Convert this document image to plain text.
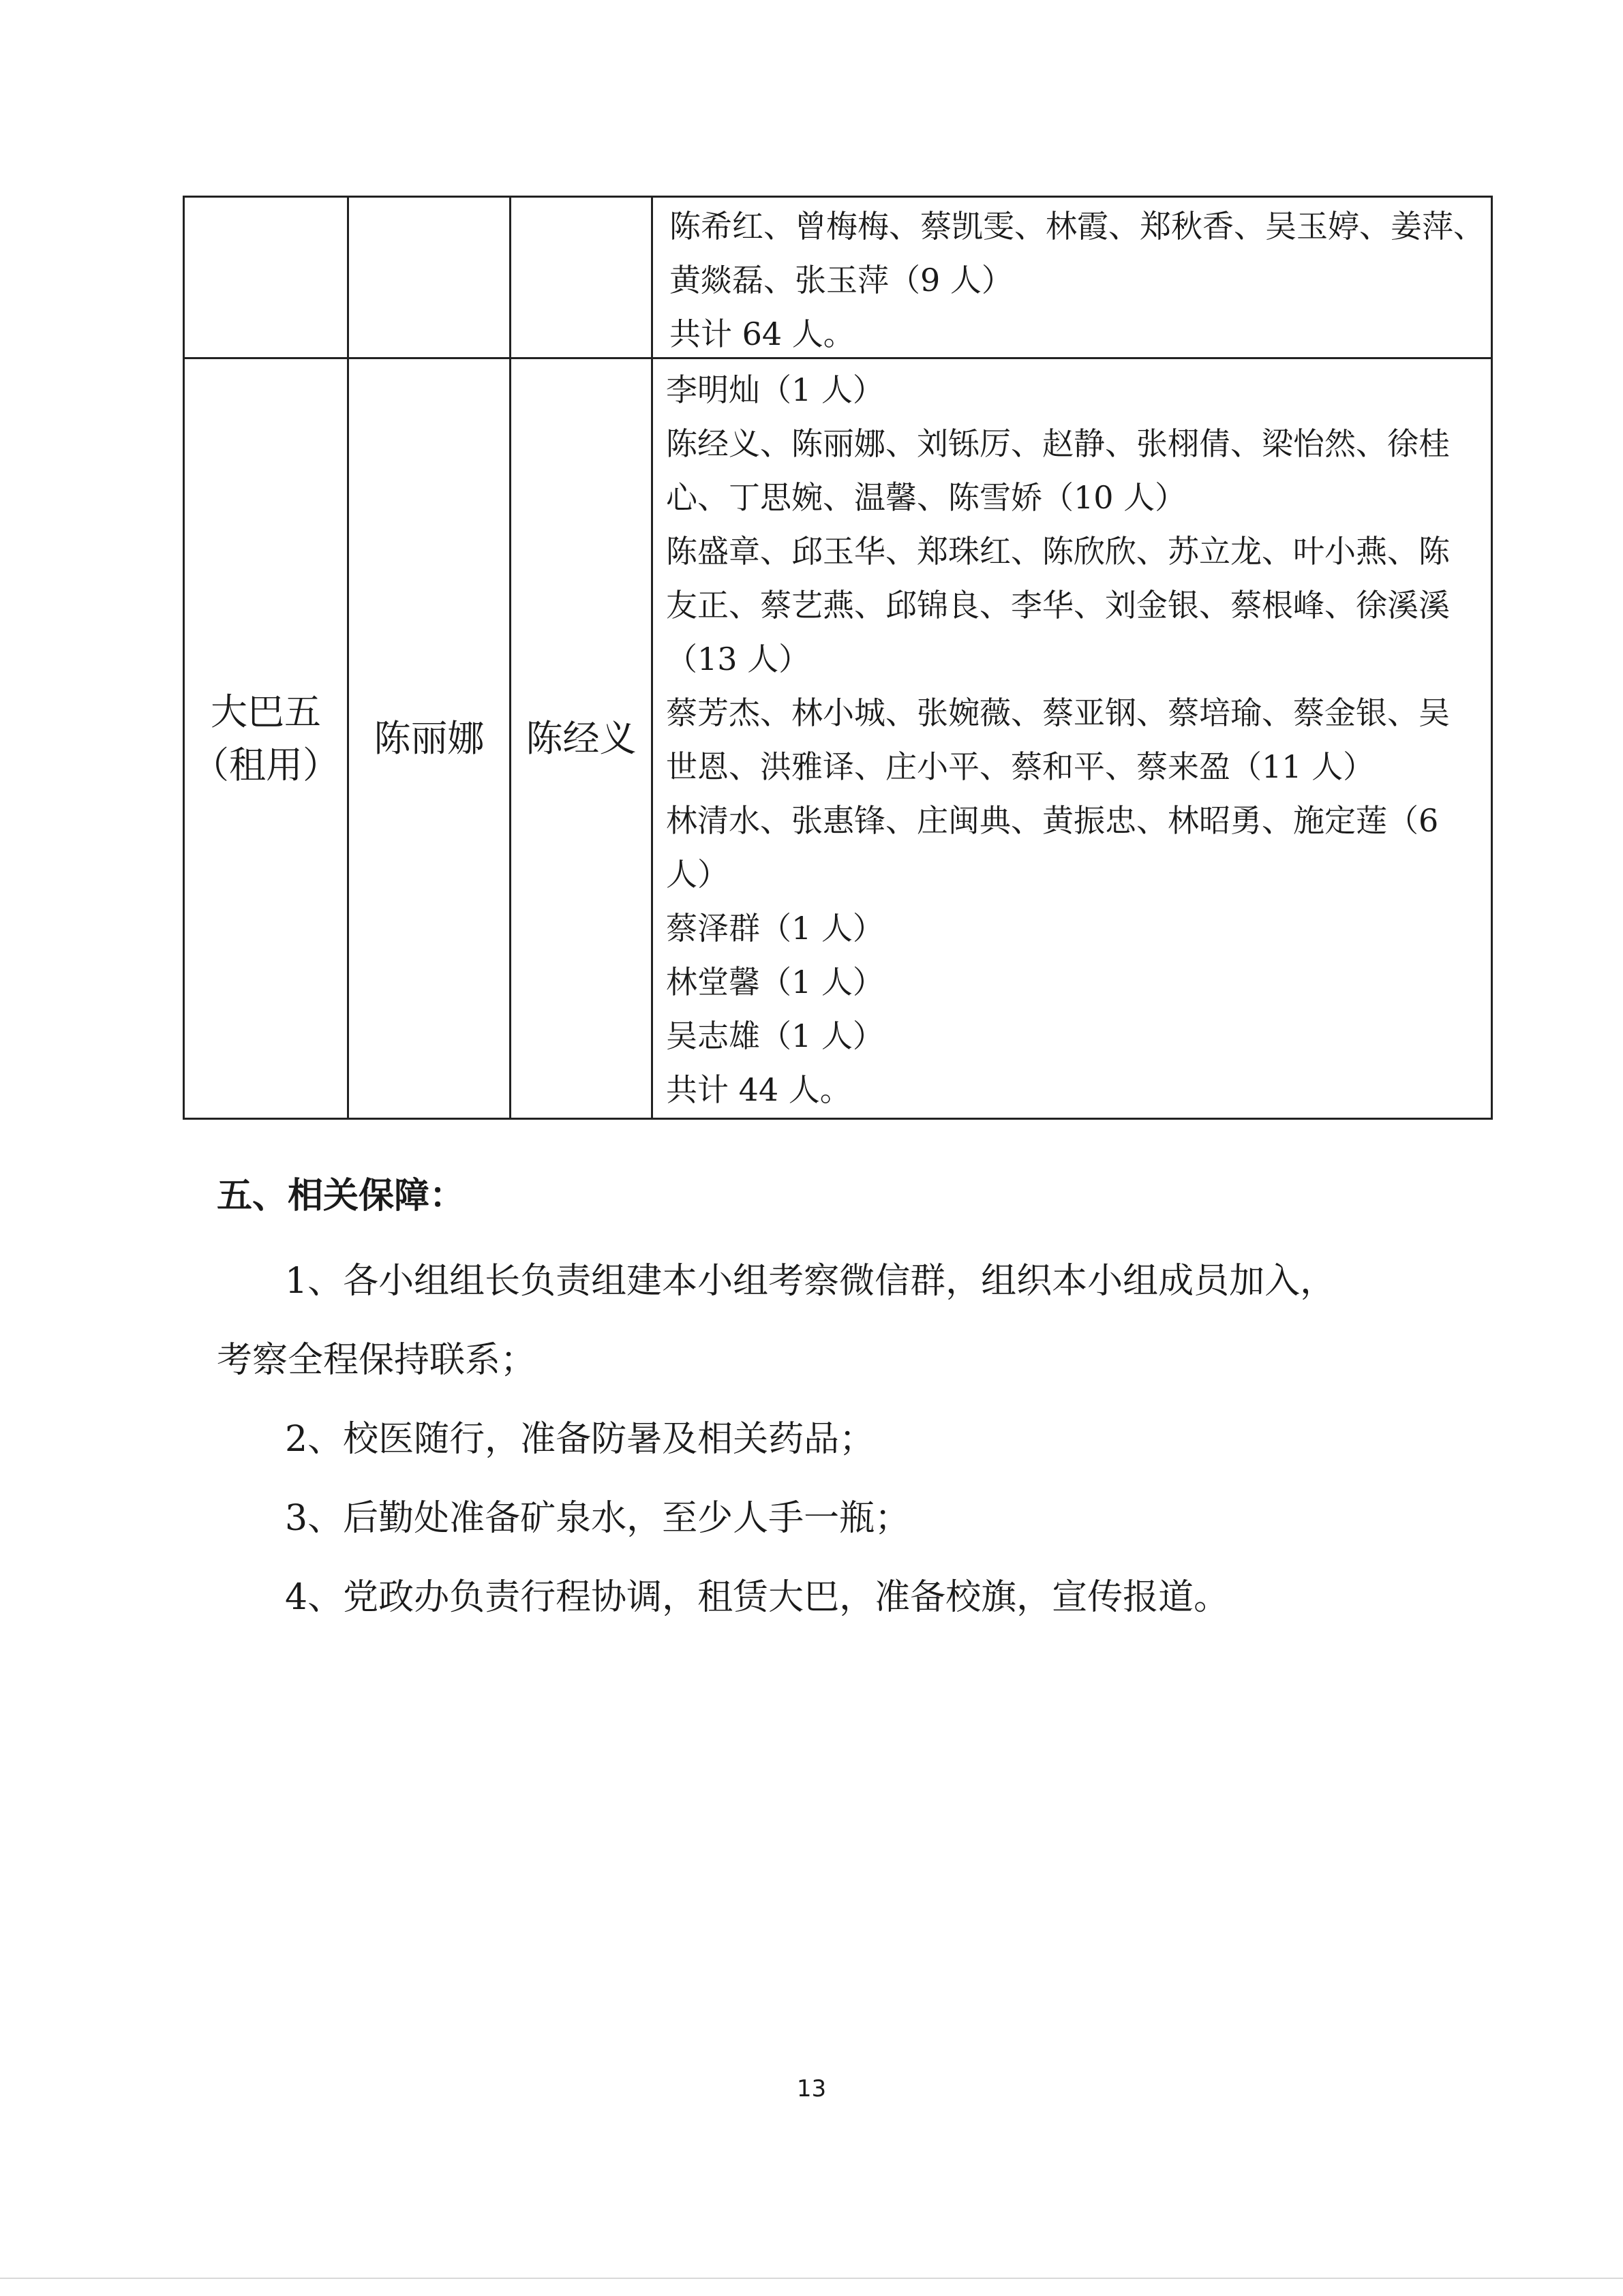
陈希红、曾梅梅、蔡凯雯、林霞、郑秋香、吴玉婷、姜萍、
黄燚磊、张玉萍（9 人）
共计 64 人。
大巴五
（租用）
陈丽娜 陈经义
李明灿（1 人）
陈经义、陈丽娜、刘铄厉、赵静、张栩倩、梁怡然、徐桂
心、丁思婉、温馨、陈雪娇（10 人）
陈盛章、邱玉华、郑珠红、陈欣欣、苏立龙、叶小燕、陈
友正、蔡艺燕、邱锦良、李华、刘金银、蔡根峰、徐溪溪
（13 人）
蔡芳杰、林小城、张婉薇、蔡亚钢、蔡培瑜、蔡金银、吴
世恩、洪雅译、庄小平、蔡和平、蔡来盈（11 人）
林清水、张惠锋、庄闽典、黄振忠、林昭勇、施定莲（6
人）
蔡泽群（1 人）
林堂馨（1 人）
吴志雄（1 人）
共计 44 人。
五、相关保障：
1、各小组组长负责组建本小组考察微信群，组织本小组成员加入，
考察全程保持联系；
2、校医随行，准备防暑及相关药品；
3、后勤处准备矿泉水，至少人手一瓶；
4、党政办负责行程协调，租赁大巴，准备校旗，宣传报道。
13
